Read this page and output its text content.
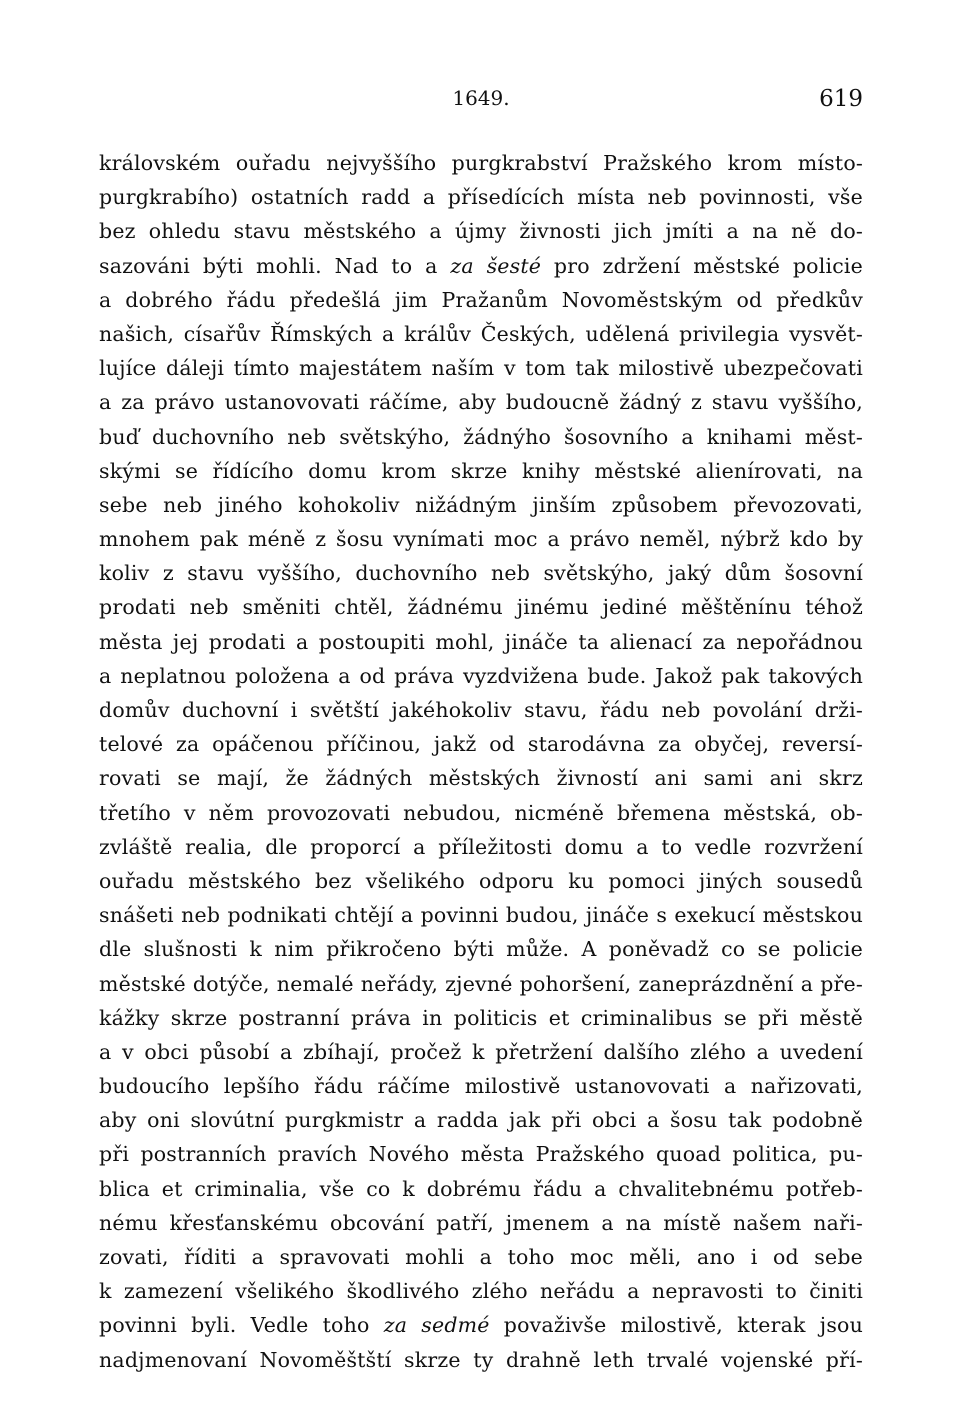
1649.	619
královském ouřadu nejvyššího purgkrabství Pražského krom místo-
purgkrabího) ostatních radd a přísedících místa neb povinnosti, vše
bez ohledu stavu městského a újmy živnosti jich jmíti a na ně do-
sazováni býti mohli. Nad to a za šesté pro zdržení městské policie
a dobrého řádu předešlá jim Pražanům Novoměstským od předkův
našich, císařův Římských a králův Českých, udělená privilegia vysvět-
lujíce dáleji tímto majestátem naším v tom tak milostivě ubezpečovati
a za právo ustanovovati ráčíme, aby budoucně žádný z stavu vyššího,
buď duchovního neb světskýho, žádnýho šosovního a knihami měst-
skými se řídícího domu krom skrze knihy městské alienírovati, na
sebe neb jiného kohokoliv nižádným jinším způsobem převozovati,
mnohem pak méně z šosu vynímati moc a právo neměl, nýbrž kdo by
koliv z stavu vyššího, duchovního neb světskýho, jaký dům šosovní
prodati neb směniti chtěl, žádnému jinému jediné měštěnínu téhož
města jej prodati a postoupiti mohl, jináče ta alienací za nepořádnou
a neplatnou položena a od práva vyzdvižena bude. Jakož pak takových
domův duchovní i světští jakéhokoliv stavu, řádu neb povolání drži-
telové za opáčenou příčinou, jakž od starodávna za obyčej, reversí-
rovati se mají, že žádných městských živností ani sami ani skrz
třetího v něm provozovati nebudou, nicméně břemena městská, ob-
zvláště realia, dle proporcí a příležitosti domu a to vedle rozvržení
ouřadu městského bez všelikého odporu ku pomoci jiných sousedů
snášeti neb podnikati chtějí a povinni budou, jináče s exekucí městskou
dle slušnosti k nim přikročeno býti může. A poněvadž co se policie
městské dotýče, nemalé neřády, zjevné pohoršení, zaneprázdnění a pře-
kážky skrze postranní práva in politicis et criminalibus se při městě
a v obci působí a zbíhají, pročež k přetržení dalšího zlého a uvedení
budoucího lepšího řádu ráčíme milostivě ustanovovati a nařizovati,
aby oni slovútní purgkmistr a radda jak při obci a šosu tak podobně
při postranních pravích Nového města Pražského quoad politica, pu-
blica et criminalia, vše co k dobrému řádu a chvalitebnému potřeb-
nému křesťanskému obcování patří, jmenem a na místě našem naři-
zovati, říditi a spravovati mohli a toho moc měli, ano i od sebe
k zamezení všelikého škodlivého zlého neřádu a nepravosti to činiti
povinni byli. Vedle toho za sedmé považivše milostivě, kterak jsou
nadjmenovaní Novoměštští skrze ty drahně leth trvalé vojenské pří-
